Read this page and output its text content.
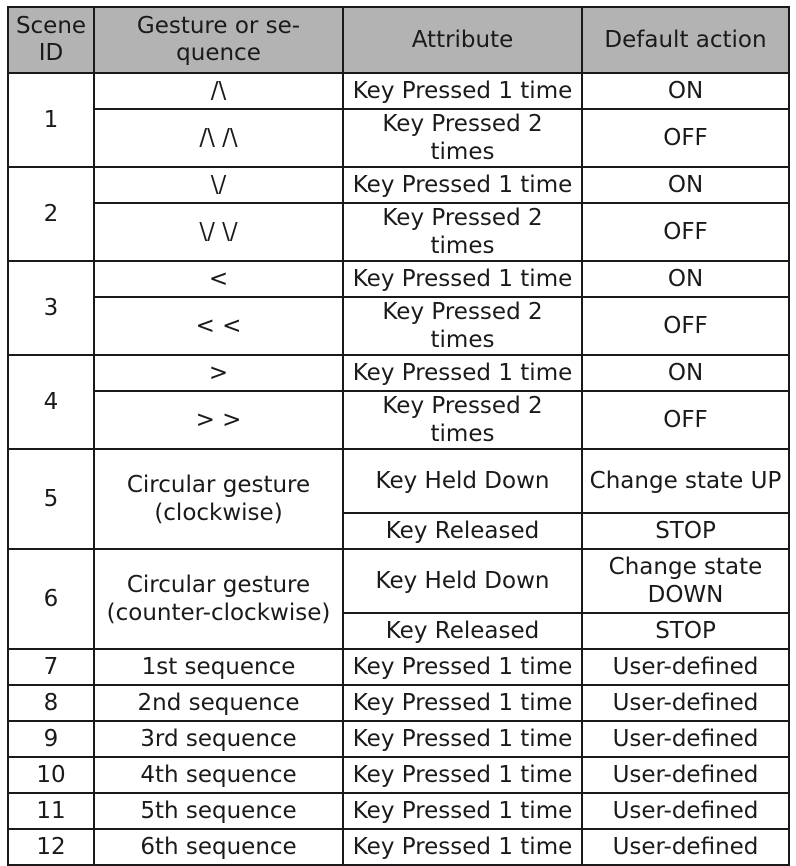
Scene ID	Gesture or se-quence	Attribute	Default action
1	/\	Key Pressed 1 time	ON
	/\ /\	Key Pressed 2 times	OFF
2	\/	Key Pressed 1 time	ON
	\/ \/	Key Pressed 2 times	OFF
3	<	Key Pressed 1 time	ON
	< <	Key Pressed 2 times	OFF
4	>	Key Pressed 1 time	ON
	> >	Key Pressed 2 times	OFF
5	Circular gesture (clockwise)	Key Held Down	Change state UP
		Key Released	STOP
6	Circular gesture (counter-clockwise)	Key Held Down	Change state DOWN
		Key Released	STOP
7	1st sequence	Key Pressed 1 time	User-defined
8	2nd sequence	Key Pressed 1 time	User-defined
9	3rd sequence	Key Pressed 1 time	User-defined
10	4th sequence	Key Pressed 1 time	User-defined
11	5th sequence	Key Pressed 1 time	User-defined
12	6th sequence	Key Pressed 1 time	User-defined
